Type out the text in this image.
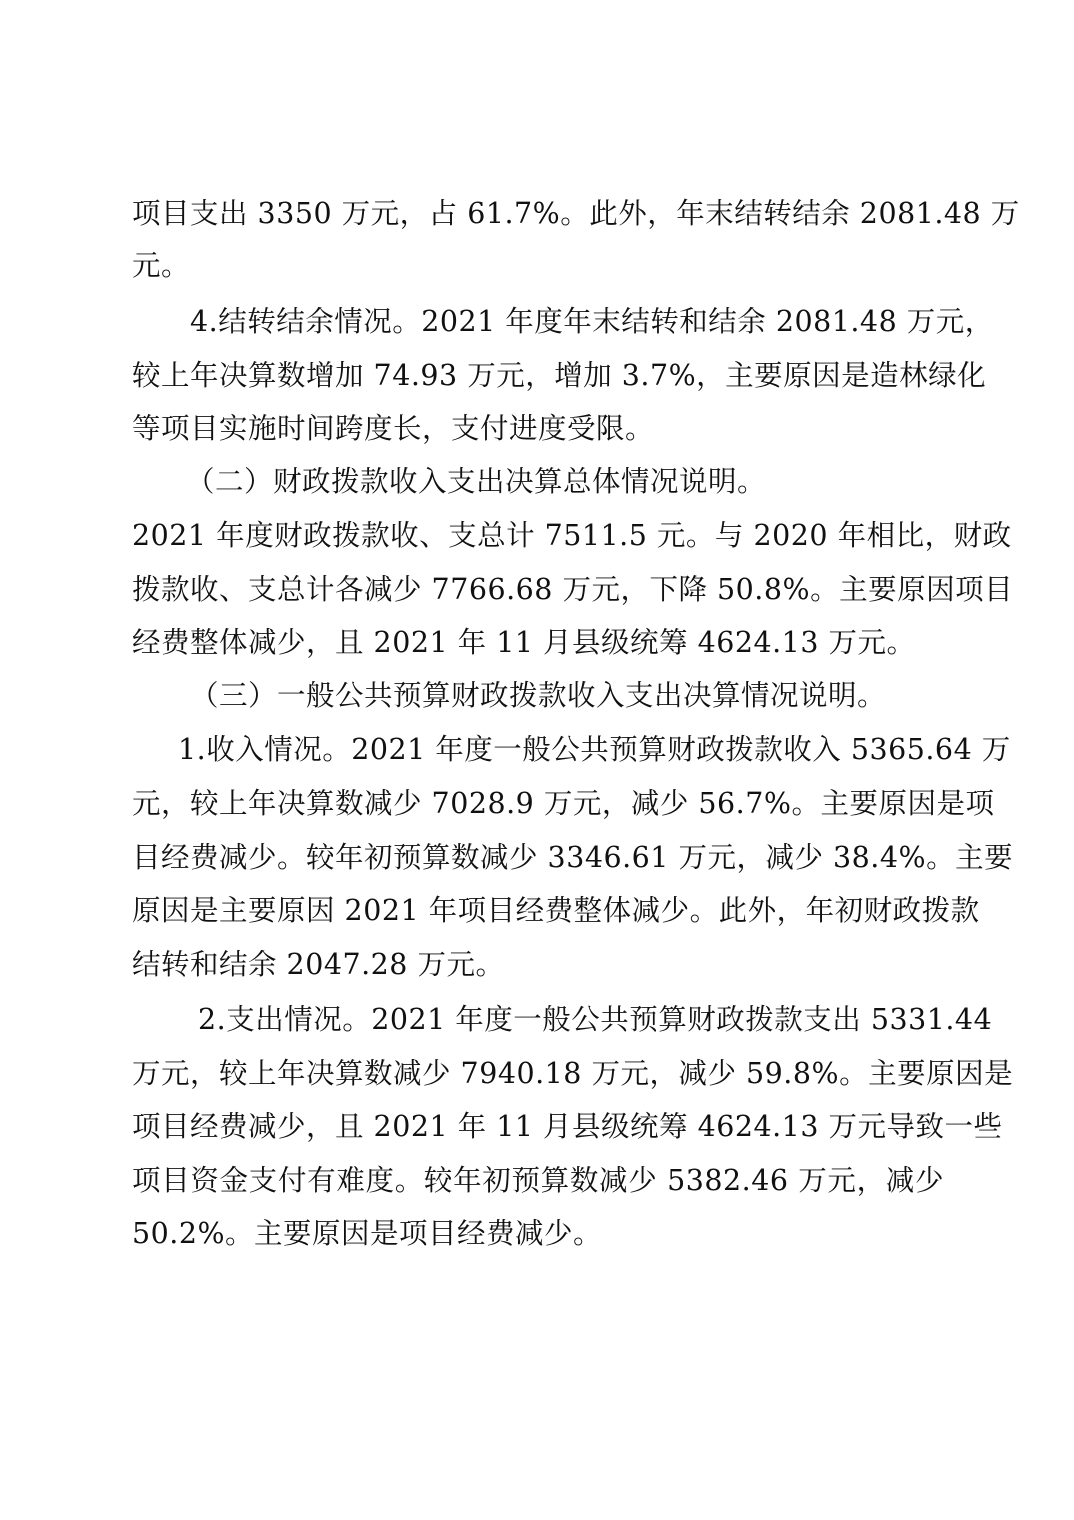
项目支出 3350 万元，占 61.7%。此外，年末结转结余 2081.48 万
元。
4.结转结余情况。2021 年度年末结转和结余 2081.48 万元，
较上年决算数增加 74.93 万元，增加 3.7%，主要原因是造林绿化
等项目实施时间跨度长，支付进度受限。
（二）财政拨款收入支出决算总体情况说明。
2021 年度财政拨款收、支总计 7511.5 元。与 2020 年相比，财政
拨款收、支总计各减少 7766.68 万元，下降 50.8%。主要原因项目
经费整体减少，且 2021 年 11 月县级统筹 4624.13 万元。
（三）一般公共预算财政拨款收入支出决算情况说明。
1.收入情况。2021 年度一般公共预算财政拨款收入 5365.64 万
元，较上年决算数减少 7028.9 万元，减少 56.7%。主要原因是项
目经费减少。较年初预算数减少 3346.61 万元，减少 38.4%。主要
原因是主要原因 2021 年项目经费整体减少。此外，年初财政拨款
结转和结余 2047.28 万元。
2.支出情况。2021 年度一般公共预算财政拨款支出 5331.44
万元，较上年决算数减少 7940.18 万元，减少 59.8%。主要原因是
项目经费减少，且 2021 年 11 月县级统筹 4624.13 万元导致一些
项目资金支付有难度。较年初预算数减少 5382.46 万元，减少
50.2%。主要原因是项目经费减少。
